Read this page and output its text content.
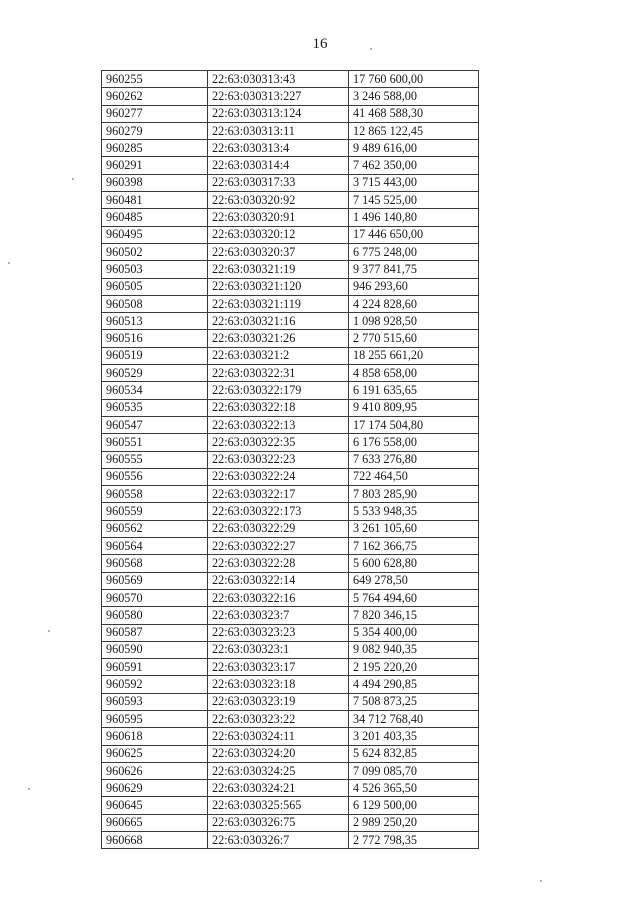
16
960255	22:63:030313:43	17 760 600,00
960262	22:63:030313:227	3 246 588,00
960277	22:63:030313:124	41 468 588,30
960279	22:63:030313:11	12 865 122,45
960285	22:63:030313:4	9 489 616,00
960291	22:63:030314:4	7 462 350,00
960398	22:63:030317:33	3 715 443,00
960481	22:63:030320:92	7 145 525,00
960485	22:63:030320:91	1 496 140,80
960495	22:63:030320:12	17 446 650,00
960502	22:63:030320:37	6 775 248,00
960503	22:63:030321:19	9 377 841,75
960505	22:63:030321:120	946 293,60
960508	22:63:030321:119	4 224 828,60
960513	22:63:030321:16	1 098 928,50
960516	22:63:030321:26	2 770 515,60
960519	22:63:030321:2	18 255 661,20
960529	22:63:030322:31	4 858 658,00
960534	22:63:030322:179	6 191 635,65
960535	22:63:030322:18	9 410 809,95
960547	22:63:030322:13	17 174 504,80
960551	22:63:030322:35	6 176 558,00
960555	22:63:030322:23	7 633 276,80
960556	22:63:030322:24	722 464,50
960558	22:63:030322:17	7 803 285,90
960559	22:63:030322:173	5 533 948,35
960562	22:63:030322:29	3 261 105,60
960564	22:63:030322:27	7 162 366,75
960568	22:63:030322:28	5 600 628,80
960569	22:63:030322:14	649 278,50
960570	22:63:030322:16	5 764 494,60
960580	22:63:030323:7	7 820 346,15
960587	22:63:030323:23	5 354 400,00
960590	22:63:030323:1	9 082 940,35
960591	22:63:030323:17	2 195 220,20
960592	22:63:030323:18	4 494 290,85
960593	22:63:030323:19	7 508 873,25
960595	22:63:030323:22	34 712 768,40
960618	22:63:030324:11	3 201 403,35
960625	22:63:030324:20	5 624 832,85
960626	22:63:030324:25	7 099 085,70
960629	22:63:030324:21	4 526 365,50
960645	22:63:030325:565	6 129 500,00
960665	22:63:030326:75	2 989 250,20
960668	22:63:030326:7	2 772 798,35
